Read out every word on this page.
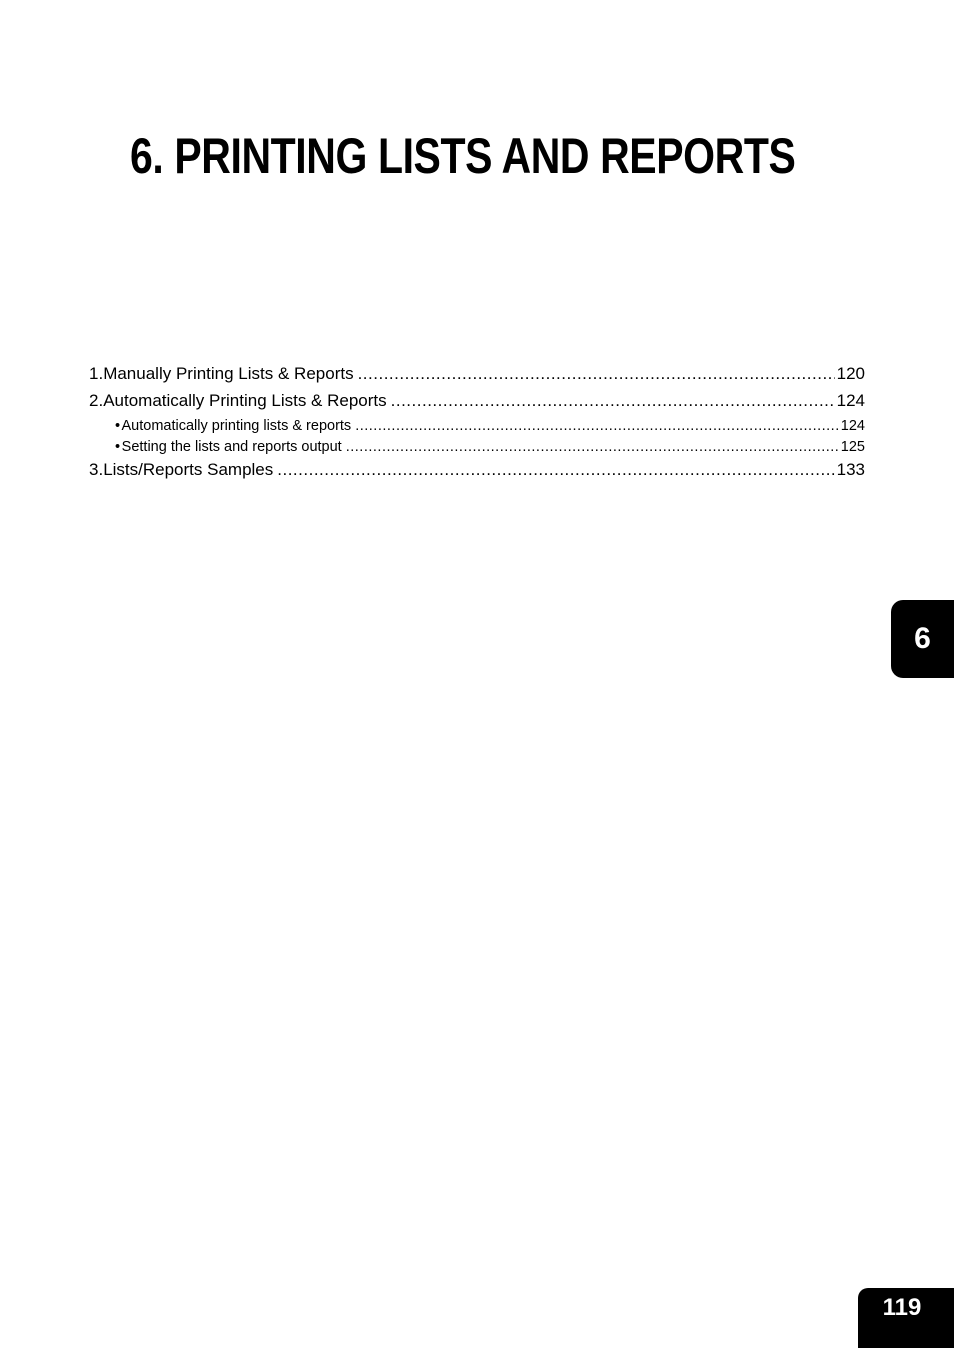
6. PRINTING LISTS AND REPORTS
1. Manually Printing Lists & Reports .....	120
2. Automatically Printing Lists & Reports .....	124
• Automatically printing lists & reports .....	124
• Setting the lists and reports output .....	125
3. Lists/Reports Samples .....	133
6
119
